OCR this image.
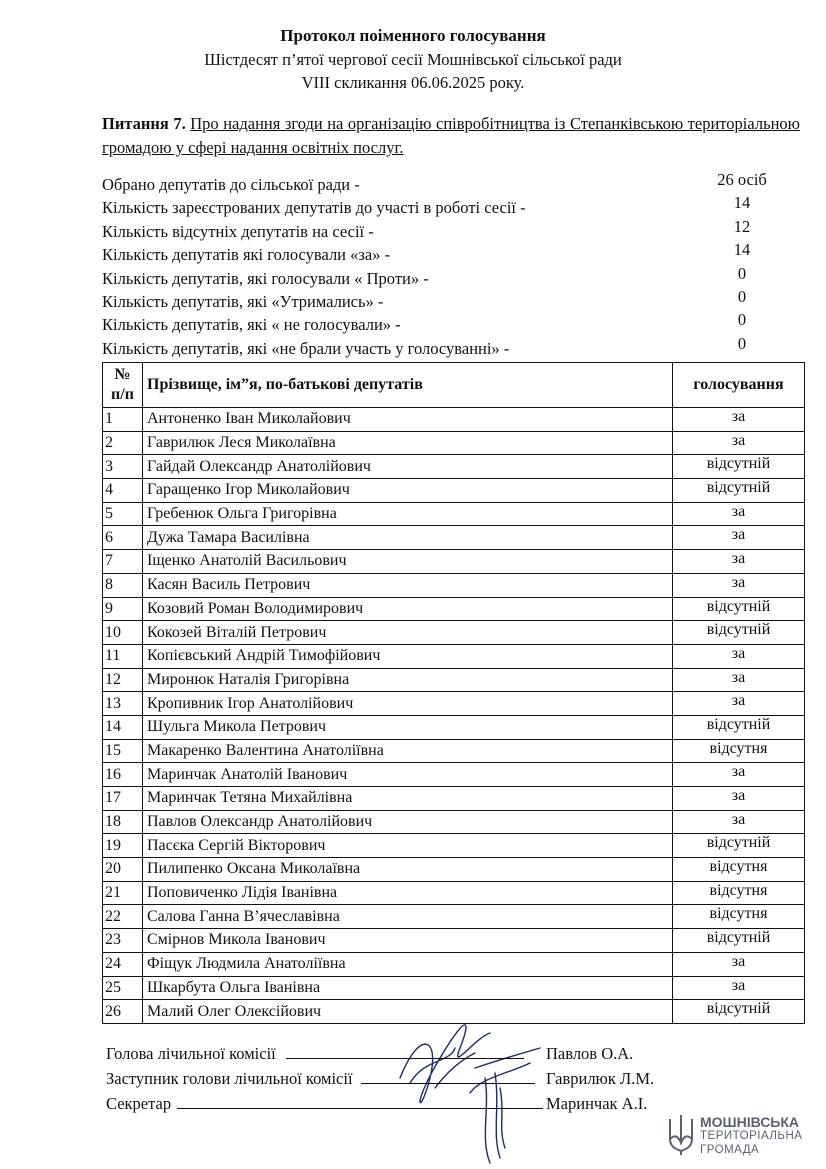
Протокол поіменного голосування
Шістдесят п’ятої чергової сесії Мошнівської сільської ради
VIII скликання 06.06.2025 року.
Питання 7. Про надання згоди на організацію співробітництва із Степанківською територіальною громадою у сфері надання освітніх послуг.
Обрано депутатів до сільської ради -	26 осіб
Кількість зареєстрованих депутатів до участі в роботі сесії -	14
Кількість відсутніх депутатів на сесії -	12
Кількість депутатів які голосували «за» -	14
Кількість депутатів, які голосували « Проти» -	0
Кількість депутатів, які «Утримались» -	0
Кількість депутатів, які « не голосували» -	0
Кількість депутатів, які «не брали участь у голосуванні» -	0
№
п/п	Прізвище, ім”я, по-батькові депутатів	голосування
1	Антоненко Іван Миколайович	за
2	Гаврилюк Леся Миколаївна	за
3	Гайдай Олександр Анатолійович	відсутній
4	Гаращенко Ігор Миколайович	відсутній
5	Гребенюк Ольга Григорівна	за
6	Дужа Тамара Василівна	за
7	Іщенко Анатолій Васильович	за
8	Касян Василь Петрович	за
9	Козовий Роман Володимирович	відсутній
10	Кокозей Віталій Петрович	відсутній
11	Копієвський Андрій Тимофійович	за
12	Миронюк Наталія Григорівна	за
13	Кропивник Ігор Анатолійович	за
14	Шульга Микола Петрович	відсутній
15	Макаренко Валентина Анатоліївна	відсутня
16	Маринчак Анатолій Іванович	за
17	Маринчак Тетяна Михайлівна	за
18	Павлов Олександр Анатолійович	за
19	Пасєка Сергій Вікторович	відсутній
20	Пилипенко Оксана Миколаївна	відсутня
21	Поповиченко Лідія Іванівна	відсутня
22	Салова Ганна В’ячеславівна	відсутня
23	Смірнов Микола Іванович	відсутній
24	Фіщук Людмила Анатоліївна	за
25	Шкарбута Ольга Іванівна	за
26	Малий Олег Олексійович	відсутній
Голова лічильної комісії	Павлов О.А.
Заступник голови лічильної комісії	Гаврилюк Л.М.
Секретар	Маринчак А.І.
МОШНІВСЬКА
ТЕРИТОРІАЛЬНА
ГРОМАДА
